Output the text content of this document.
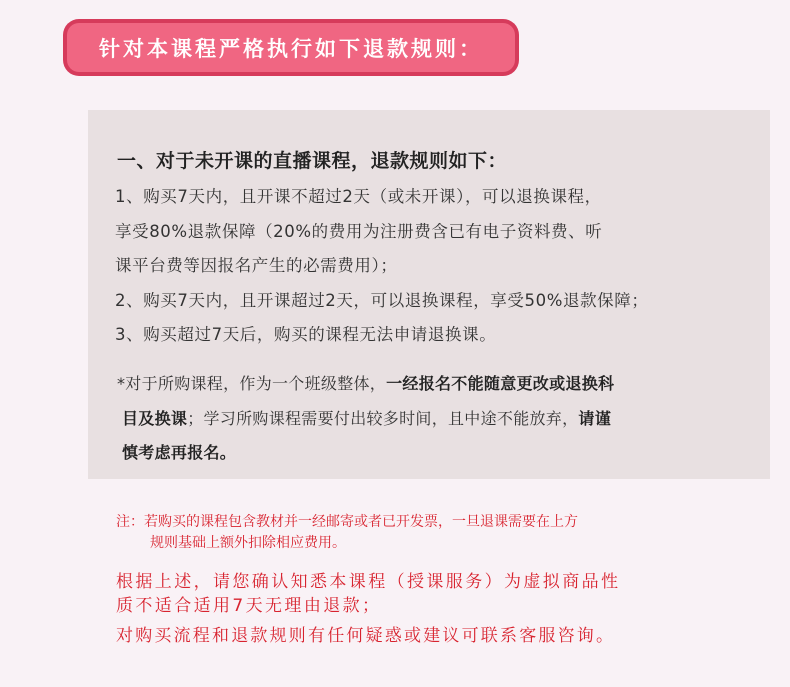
针对本课程严格执行如下退款规则：
一、对于未开课的直播课程，退款规则如下：
1、购买7天内，且开课不超过2天（或未开课），可以退换课程，
享受80%退款保障（20%的费用为注册费含已有电子资料费、听
课平台费等因报名产生的必需费用）；
2、购买7天内，且开课超过2天，可以退换课程，享受50%退款保障；
3、购买超过7天后，购买的课程无法申请退换课。
*对于所购课程，作为一个班级整体，一经报名不能随意更改或退换科
目及换课；学习所购课程需要付出较多时间，且中途不能放弃，请谨
慎考虑再报名。
注：若购买的课程包含教材并一经邮寄或者已开发票，一旦退课需要在上方
规则基础上额外扣除相应费用。
根据上述，请您确认知悉本课程（授课服务）为虚拟商品性
质不适合适用7天无理由退款；
对购买流程和退款规则有任何疑惑或建议可联系客服咨询。
